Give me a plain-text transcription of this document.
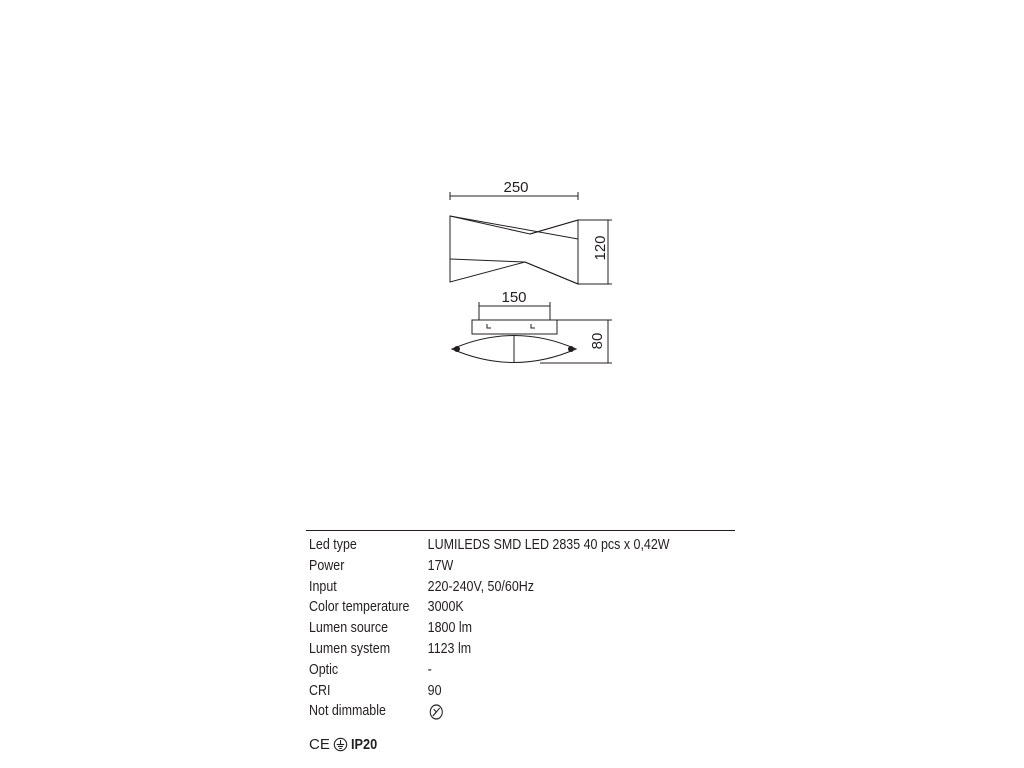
250
120
150
80
Led type	LUMILEDS SMD LED 2835 40 pcs x 0,42W
Power	17W
Input	220-240V, 50/60Hz
Color temperature	3000K
Lumen source	1800 lm
Lumen system	1123 lm
Optic	-
CRI	90
Not dimmable	
CE IP20
